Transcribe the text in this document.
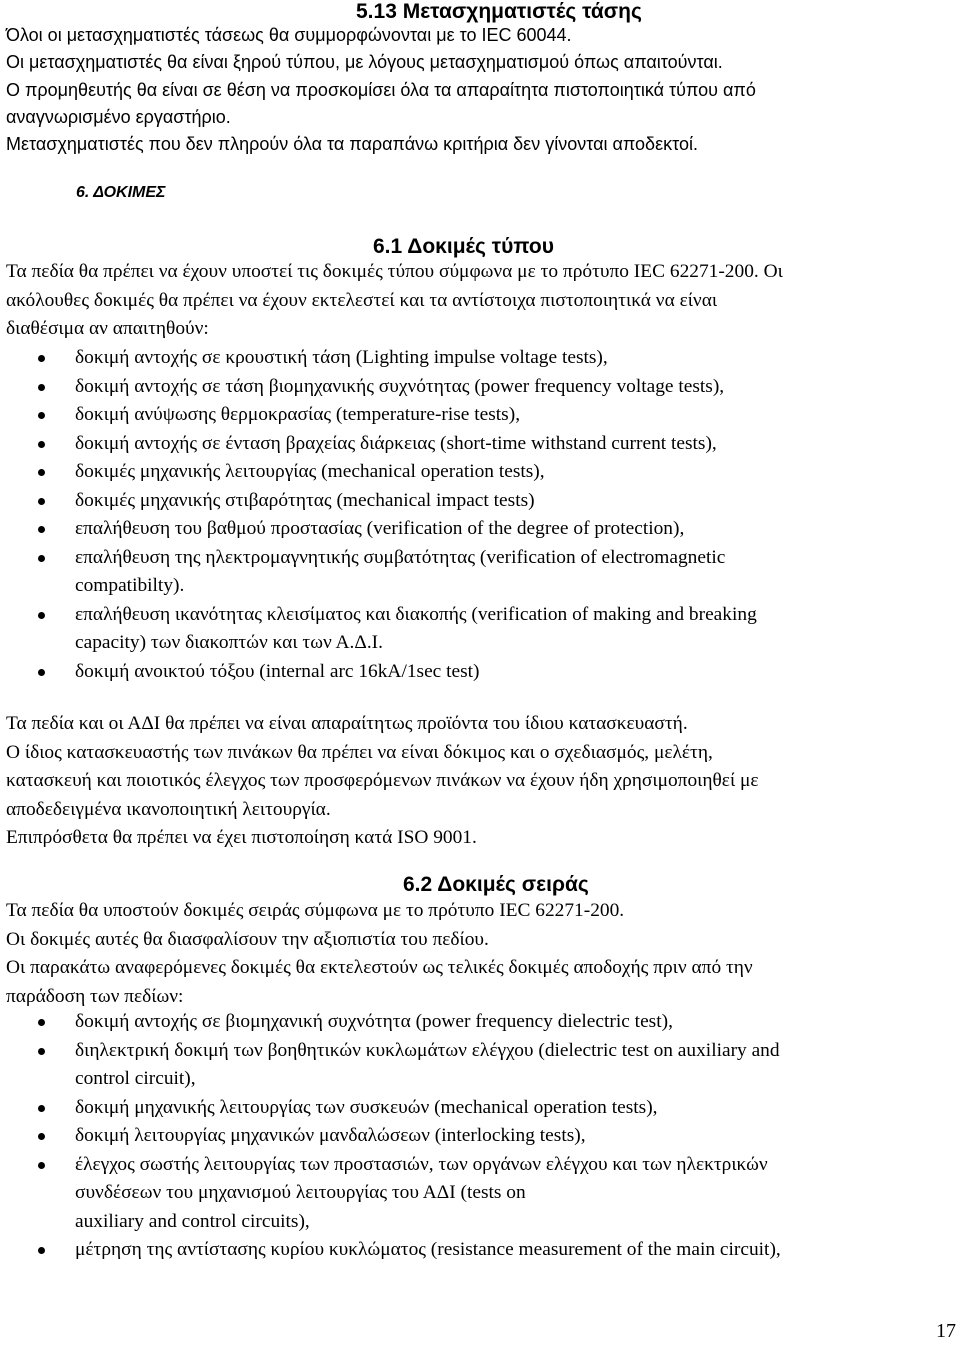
5.13 Μετασχηματιστές τάσης
Όλοι οι μετασχηματιστές τάσεως θα συμμορφώνονται με το IEC 60044.
Οι μετασχηματιστές θα είναι ξηρού τύπου, με λόγους μετασχηματισμού όπως απαιτούνται.
Ο προμηθευτής θα είναι σε θέση να προσκομίσει όλα τα απαραίτητα πιστοποιητικά τύπου από
αναγνωρισμένο εργαστήριο.
Μετασχηματιστές που δεν πληρούν όλα τα παραπάνω κριτήρια δεν γίνονται αποδεκτοί.
6. ΔΟΚΙΜΕΣ
6.1 Δοκιμές τύπου
Τα πεδία θα πρέπει να έχουν υποστεί τις δοκιμές τύπου σύμφωνα με το πρότυπο IEC 62271-200. Οι
ακόλουθες δοκιμές θα πρέπει να έχουν εκτελεστεί και τα αντίστοιχα πιστοποιητικά να είναι
διαθέσιμα αν απαιτηθούν:
δοκιμή αντοχής σε κρουστική τάση (Lighting impulse voltage tests),
δοκιμή αντοχής σε τάση βιομηχανικής συχνότητας (power frequency voltage tests),
δοκιμή ανύψωσης θερμοκρασίας (temperature-rise tests),
δοκιμή αντοχής σε ένταση βραχείας διάρκειας (short-time withstand current tests),
δοκιμές μηχανικής λειτουργίας (mechanical operation tests),
δοκιμές μηχανικής στιβαρότητας (mechanical impact tests)
επαλήθευση του βαθμού προστασίας (verification of the degree of protection),
επαλήθευση της ηλεκτρομαγνητικής συμβατότητας (verification of electromagnetic
compatibilty).
επαλήθευση ικανότητας κλεισίματος και διακοπής (verification of making and breaking
capacity) των διακοπτών και των Α.Δ.Ι.
δοκιμή ανοικτού τόξου (internal arc 16kA/1sec test)
Τα πεδία και οι ΑΔΙ θα πρέπει να είναι απαραίτητως προϊόντα του ίδιου κατασκευαστή.
Ο ίδιος κατασκευαστής των πινάκων θα πρέπει να είναι δόκιμος και ο σχεδιασμός, μελέτη,
κατασκευή και ποιοτικός έλεγχος των προσφερόμενων πινάκων να έχουν ήδη χρησιμοποιηθεί με
αποδεδειγμένα ικανοποιητική λειτουργία.
Επιπρόσθετα θα πρέπει να έχει πιστοποίηση κατά ISO 9001.
6.2 Δοκιμές σειράς
Τα πεδία θα υποστούν δοκιμές σειράς σύμφωνα με το πρότυπο IEC 62271-200.
Οι δοκιμές αυτές θα διασφαλίσουν την αξιοπιστία του πεδίου.
Οι παρακάτω αναφερόμενες δοκιμές θα εκτελεστούν ως τελικές δοκιμές αποδοχής πριν από την
παράδοση των πεδίων:
δοκιμή αντοχής σε βιομηχανική συχνότητα (power frequency dielectric test),
διηλεκτρική δοκιμή των βοηθητικών κυκλωμάτων ελέγχου (dielectric test on auxiliary and
control circuit),
δοκιμή μηχανικής λειτουργίας των συσκευών (mechanical operation tests),
δοκιμή λειτουργίας μηχανικών μανδαλώσεων (interlocking tests),
έλεγχος σωστής λειτουργίας των προστασιών, των οργάνων ελέγχου και των ηλεκτρικών
συνδέσεων του μηχανισμού λειτουργίας του ΑΔΙ (tests on
auxiliary and control circuits),
μέτρηση της αντίστασης κυρίου κυκλώματος (resistance measurement of the main circuit),
17
